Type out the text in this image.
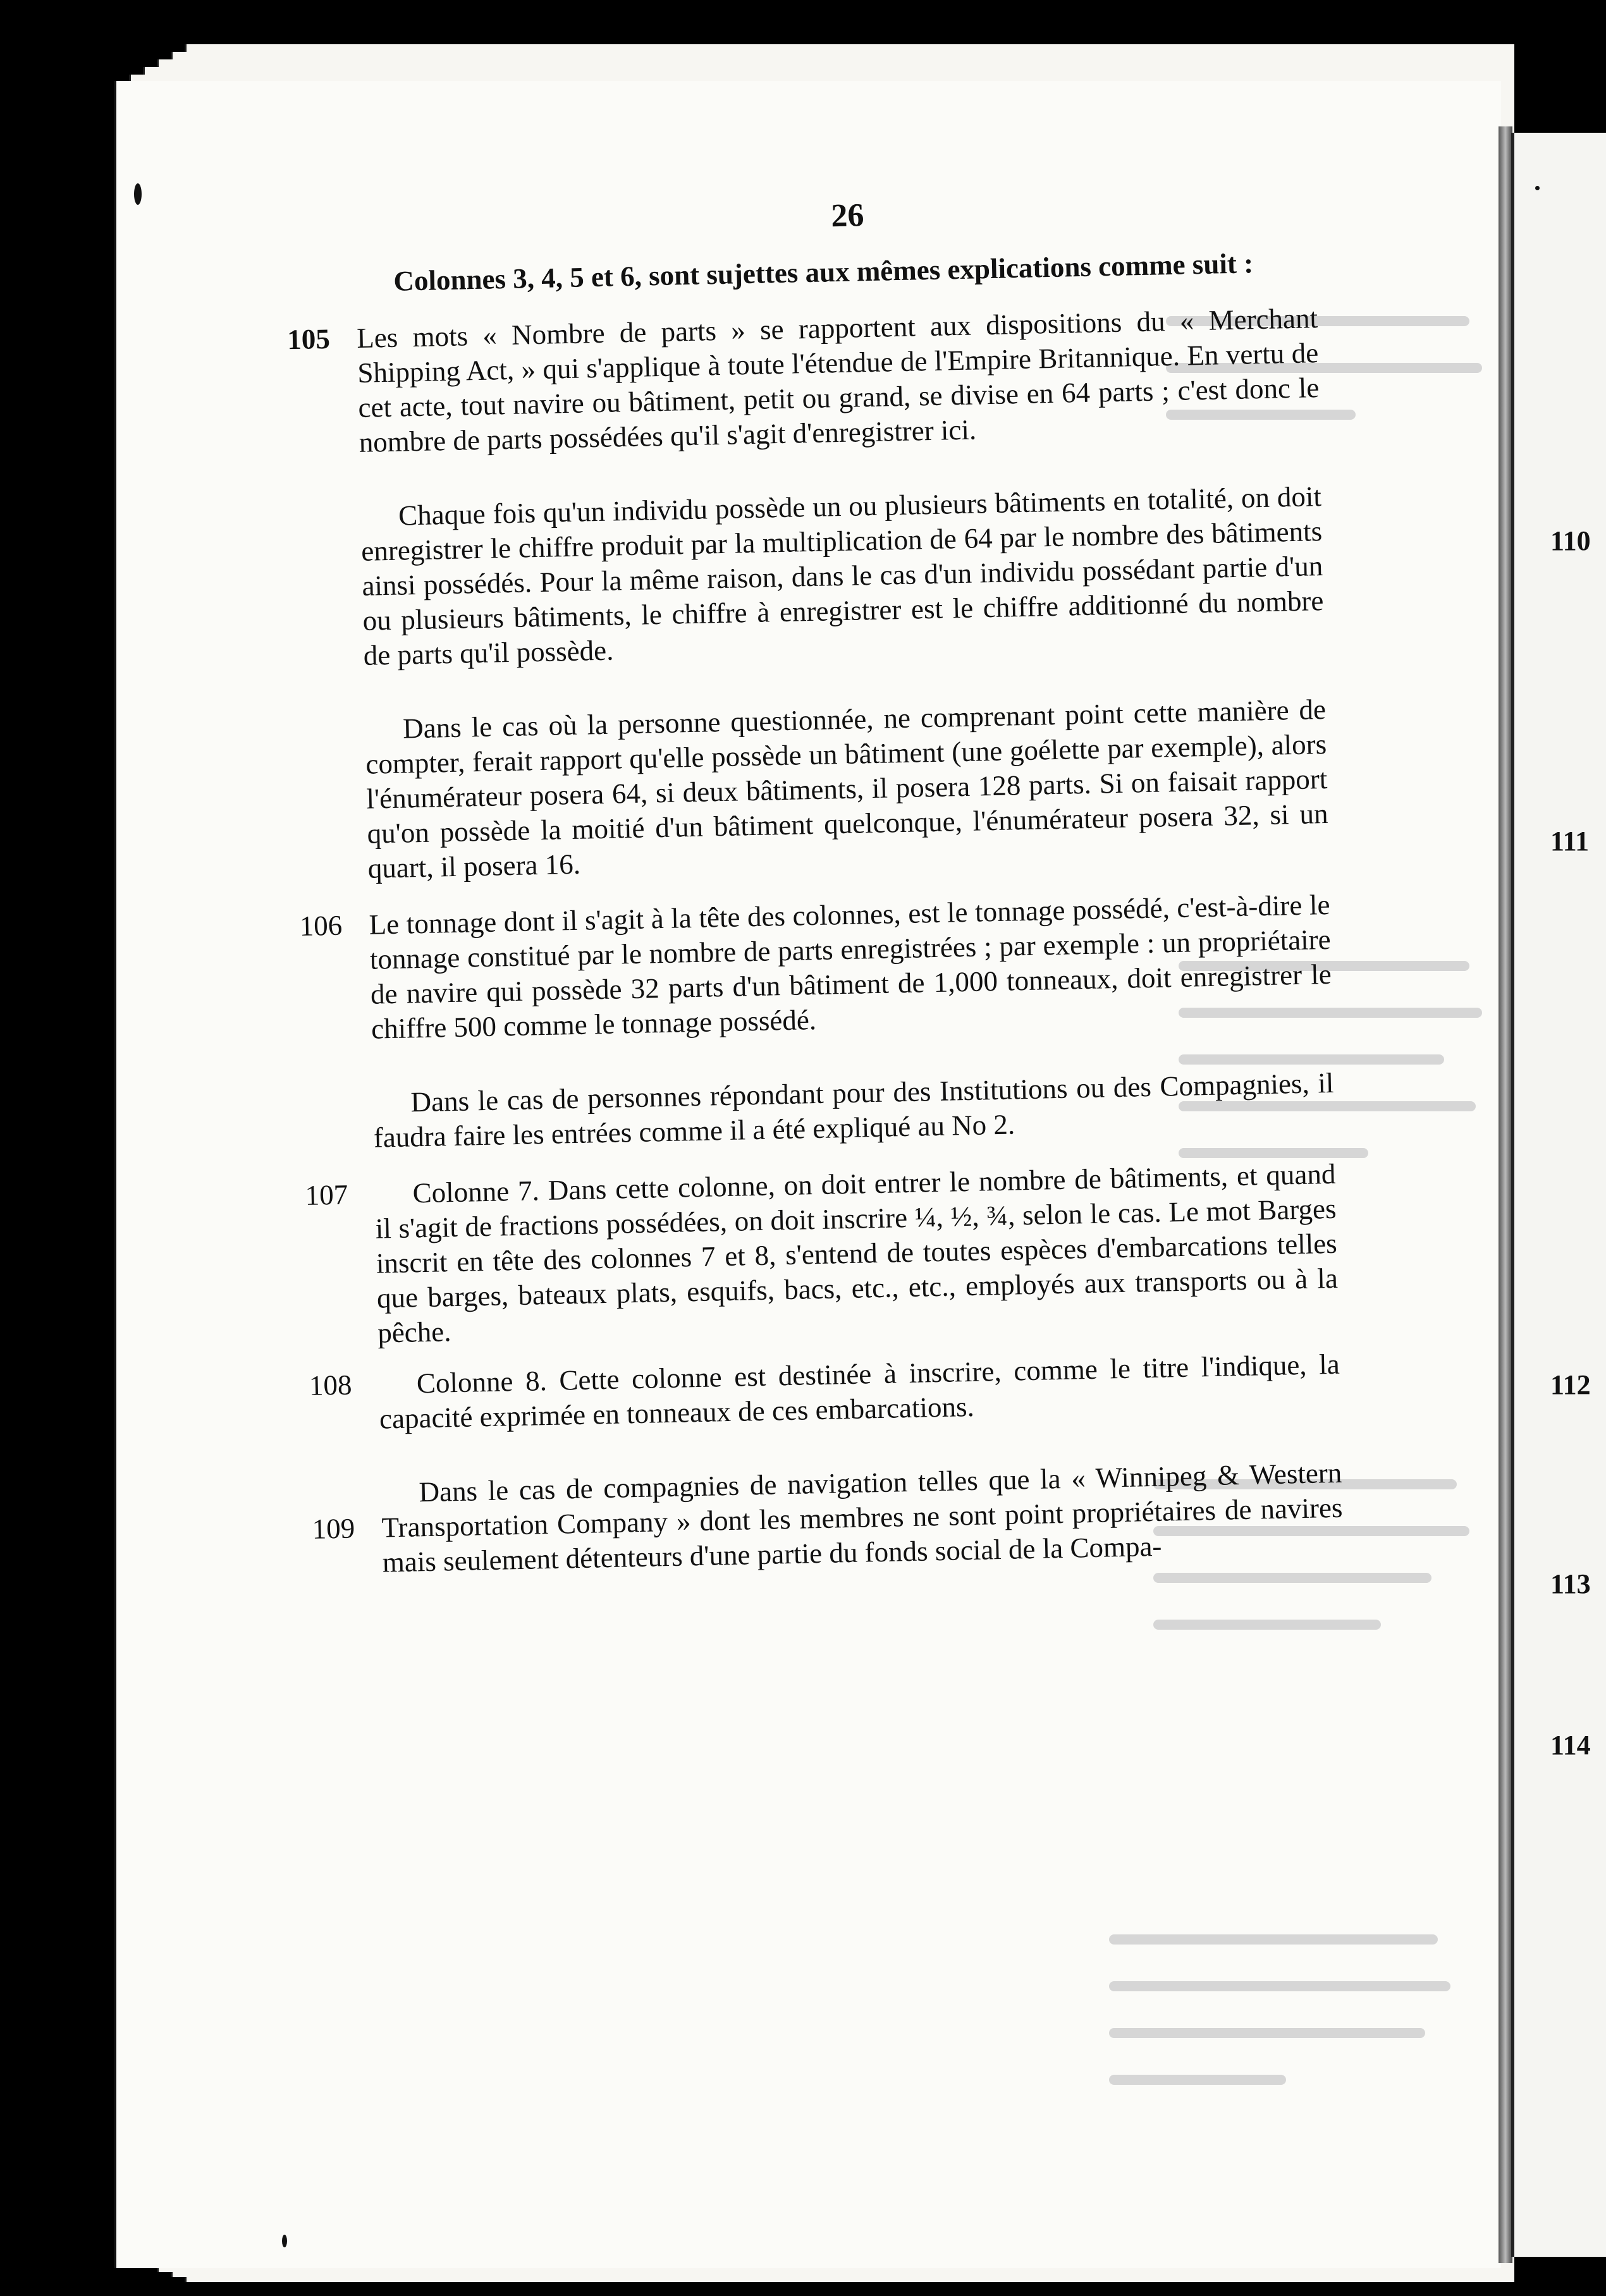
110
111
112
113
114
26

Colonnes 3, 4, 5 et 6, sont sujettes aux mêmes explications comme suit :

105 Les mots « Nombre de parts » se rapportent aux dispositions du « Merchant Shipping Act, » qui s'applique à toute l'étendue de l'Empire Britannique. En vertu de cet acte, tout navire ou bâtiment, petit ou grand, se divise en 64 parts ; c'est donc le nombre de parts possédées qu'il s'agit d'enregistrer ici.

Chaque fois qu'un individu possède un ou plusieurs bâtiments en totalité, on doit enregistrer le chiffre produit par la multiplication de 64 par le nombre des bâtiments ainsi possédés. Pour la même raison, dans le cas d'un individu possédant partie d'un ou plusieurs bâtiments, le chiffre à enregistrer est le chiffre additionné du nombre de parts qu'il possède.

Dans le cas où la personne questionnée, ne comprenant point cette manière de compter, ferait rapport qu'elle possède un bâtiment (une goélette par exemple), alors l'énumérateur posera 64, si deux bâtiments, il posera 128 parts. Si on faisait rapport qu'on possède la moitié d'un bâtiment quelconque, l'énumérateur posera 32, si un quart, il posera 16.

106 Le tonnage dont il s'agit à la tête des colonnes, est le tonnage possédé, c'est-à-dire le tonnage constitué par le nombre de parts enregistrées ; par exemple : un propriétaire de navire qui possède 32 parts d'un bâtiment de 1,000 tonneaux, doit enregistrer le chiffre 500 comme le tonnage possédé.

Dans le cas de personnes répondant pour des Institutions ou des Compagnies, il faudra faire les entrées comme il a été expliqué au No 2.

107	Colonne 7. Dans cette colonne, on doit entrer le nombre de bâtiments, et quand il s'agit de fractions possédées, on doit inscrire ¼, ½, ¾, selon le cas. Le mot Barges inscrit en tête des colonnes 7 et 8, s'entend de toutes espèces d'embarcations telles que barges, bateaux plats, esquifs, bacs, etc., etc., employés aux transports ou à la pêche.

108	Colonne 8. Cette colonne est destinée à inscrire, comme le titre l'indique, la capacité exprimée en tonneaux de ces embarcations.

109

Dans le cas de compagnies de navigation telles que la « Winnipeg & Western Transportation Company » dont les membres ne sont point propriétaires de navires mais seulement détenteurs d'une partie du fonds social de la Compa-
